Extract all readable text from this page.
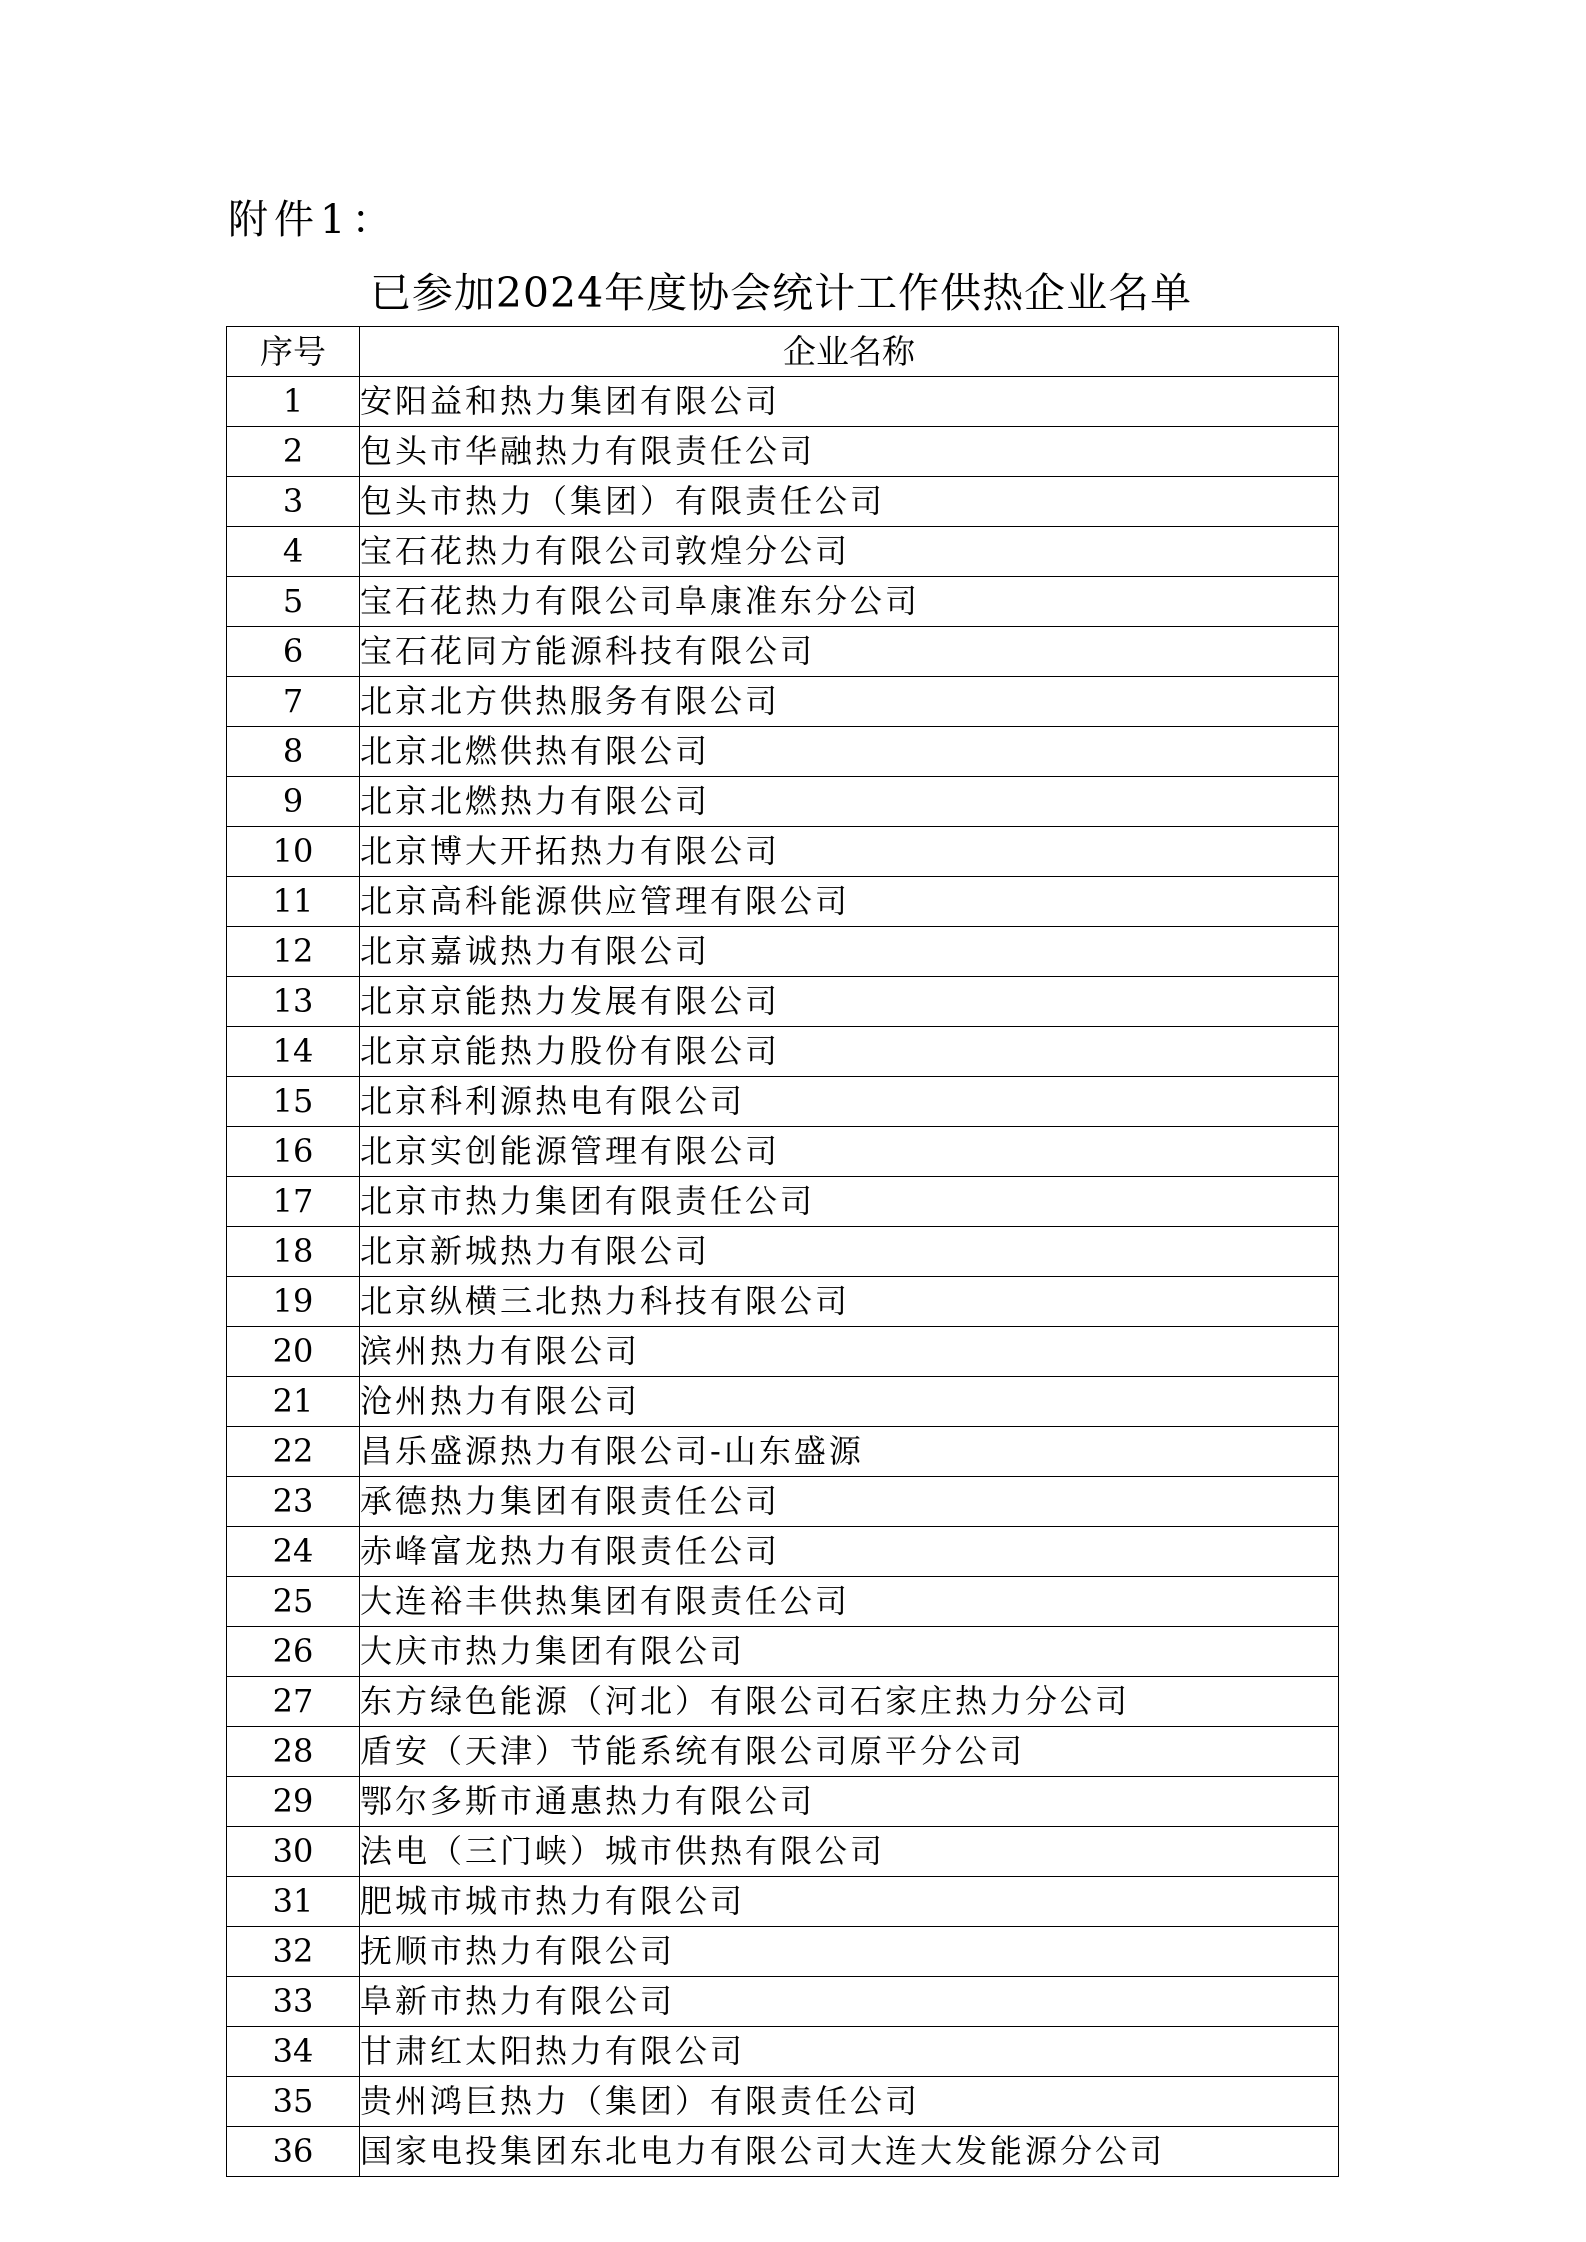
附件1：
已参加2024年度协会统计工作供热企业名单
序号	企业名称
1	安阳益和热力集团有限公司
2	包头市华融热力有限责任公司
3	包头市热力（集团）有限责任公司
4	宝石花热力有限公司敦煌分公司
5	宝石花热力有限公司阜康准东分公司
6	宝石花同方能源科技有限公司
7	北京北方供热服务有限公司
8	北京北燃供热有限公司
9	北京北燃热力有限公司
10	北京博大开拓热力有限公司
11	北京高科能源供应管理有限公司
12	北京嘉诚热力有限公司
13	北京京能热力发展有限公司
14	北京京能热力股份有限公司
15	北京科利源热电有限公司
16	北京实创能源管理有限公司
17	北京市热力集团有限责任公司
18	北京新城热力有限公司
19	北京纵横三北热力科技有限公司
20	滨州热力有限公司
21	沧州热力有限公司
22	昌乐盛源热力有限公司-山东盛源
23	承德热力集团有限责任公司
24	赤峰富龙热力有限责任公司
25	大连裕丰供热集团有限责任公司
26	大庆市热力集团有限公司
27	东方绿色能源（河北）有限公司石家庄热力分公司
28	盾安（天津）节能系统有限公司原平分公司
29	鄂尔多斯市通惠热力有限公司
30	法电（三门峡）城市供热有限公司
31	肥城市城市热力有限公司
32	抚顺市热力有限公司
33	阜新市热力有限公司
34	甘肃红太阳热力有限公司
35	贵州鸿巨热力（集团）有限责任公司
36	国家电投集团东北电力有限公司大连大发能源分公司
